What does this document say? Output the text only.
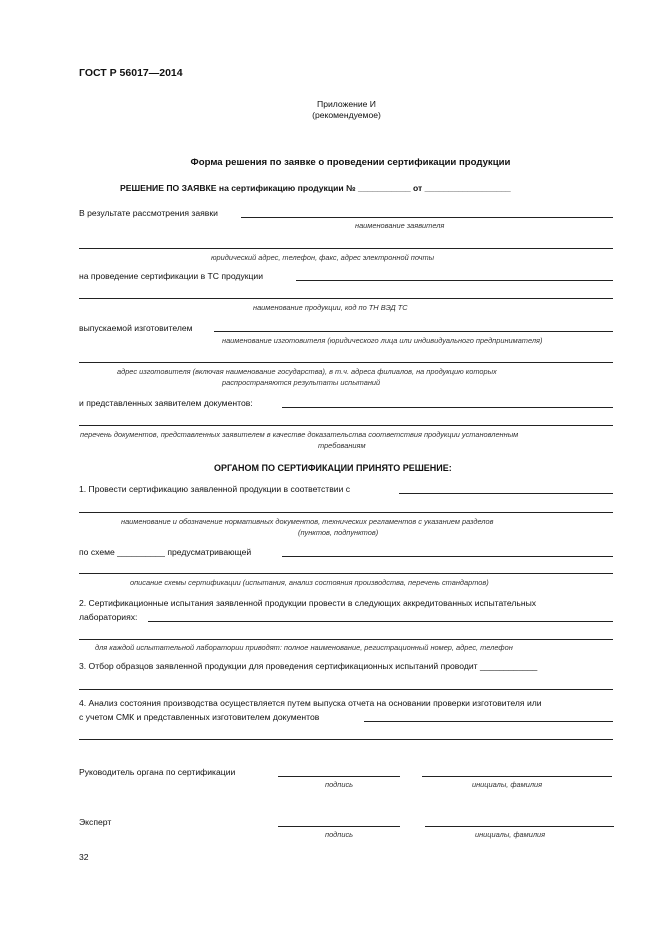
ГОСТ Р 56017—2014
Приложение И
(рекомендуемое)
Форма решения по заявке о проведении сертификации продукции
РЕШЕНИЕ ПО ЗАЯВКЕ на сертификацию продукции № ___________ от __________________
В результате рассмотрения заявки
наименование заявителя
юридический адрес, телефон, факс, адрес электронной почты
на проведение сертификации в ТС продукции
наименование продукции, код по ТН ВЭД ТС
выпускаемой изготовителем
наименование изготовителя (юридического лица или индивидуального предпринимателя)
адрес изготовителя (включая наименование государства), в т.ч. адреса филиалов, на продукцию которых
распространяются результаты испытаний
и представленных заявителем документов:
перечень документов, представленных заявителем в качестве доказательства соответствия продукции установленным
требованиям
ОРГАНОМ ПО СЕРТИФИКАЦИИ ПРИНЯТО РЕШЕНИЕ:
1. Провести сертификацию заявленной продукции в соответствии с
наименование и обозначение нормативных документов, технических регламентов с указанием разделов
(пунктов, подпунктов)
по схеме __________ предусматривающей
описание схемы сертификации (испытания, анализ состояния производства, перечень стандартов)
2. Сертификационные испытания заявленной продукции провести в следующих аккредитованных испытательных
лабораториях:
для каждой испытательной лаборатории приводят: полное наименование, регистрационный номер, адрес, телефон
3. Отбор образцов заявленной продукции для проведения сертификационных испытаний проводит ____________
4. Анализ состояния производства осуществляется путем выпуска отчета на основании проверки изготовителя или
с учетом СМК и представленных изготовителем документов
Руководитель органа по сертификации
подпись	инициалы, фамилия
Эксперт
подпись	инициалы, фамилия
32
